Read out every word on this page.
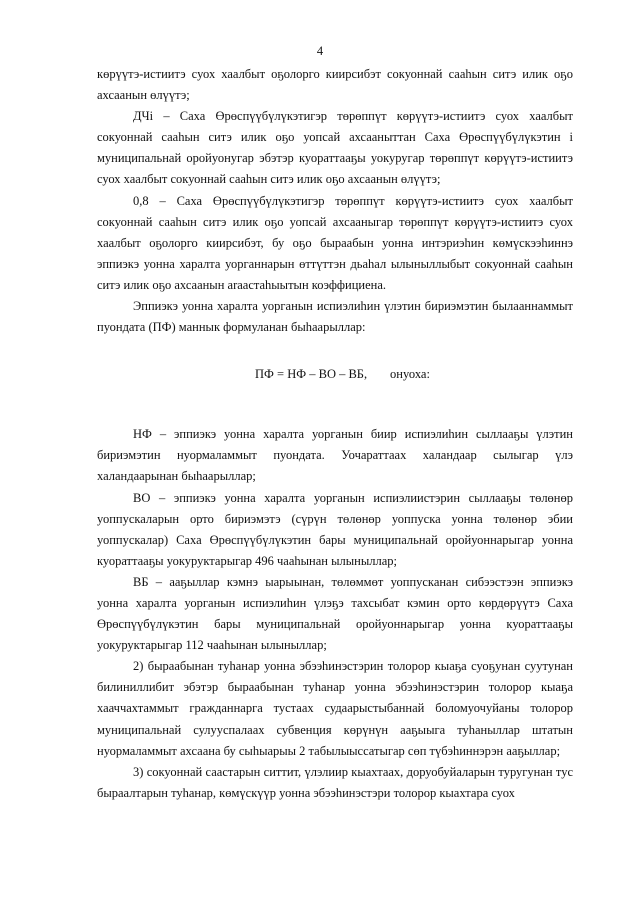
4

көрүүтэ-истиитэ суох хаалбыт оҕолорго киирсибэт сокуоннай сааһын ситэ илик оҕо ахсаанын өлүүтэ;

ДЧi – Саха Өрөспүүбүлүкэтигэр төрөппүт көрүүтэ-истиитэ суох хаалбыт сокуоннай сааһын ситэ илик оҕо уопсай ахсааныттан Саха Өрөспүүбүлүкэтин i муниципальнай оройуонугар эбэтэр куораттааҕы уокуругар төрөппүт көрүүтэ-истиитэ суох хаалбыт сокуоннай сааһын ситэ илик оҕо ахсаанын өлүүтэ;

0,8 – Саха Өрөспүүбүлүкэтигэр төрөппүт көрүүтэ-истиитэ суох хаалбыт сокуоннай сааһын ситэ илик оҕо уопсай ахсааныгар төрөппүт көрүүтэ-истиитэ суох хаалбыт оҕолорго киирсибэт, бу оҕо быраабын уонна интэриэһин көмүскээһиннэ эппиэкэ уонна харалта уорганнарын өттүттэн дьаһал ылыныллыбыт сокуоннай сааһын ситэ илик оҕо ахсаанын araастаһыытын коэффициена.

Эппиэкэ уонна харалта уорганын испиэлиһин үлэтин бириэмэтин былааннаммыт пуондата (ПФ) маннык формуланан быһаарыллар:

ПФ = НФ – ВО – ВБ, онуоха:

НФ – эппиэкэ уонна харалта уорганын биир испиэлиһин сыллааҕы үлэтин бириэмэтин нуормаламмыт пуондата. Уочараттаах халандаар сылыгар үлэ халандаарынан быһаарыллар;

ВО – эппиэкэ уонна харалта уорганын испиэлиистэрин сыллааҕы төлөнөр уоппускаларын орто бириэмэтэ (сүрүн төлөнөр уоппуска уонна төлөнөр эбии уоппускалар) Саха Өрөспүүбүлүкэтин бары муниципальнай оройуоннарыгар уонна куораттааҕы уокуруктарыгар 496 чааһынан ылыныллар;

ВБ – ааҕыллар кэмнэ ыарыынан, төлөммөт уоппусканан сибээстээн эппиэкэ уонна харалта уорганын испиэлиһин үлэҕэ тахсыбат кэмин орто көрдөрүүтэ Саха Өрөспүүбүлүкэтин бары муниципальнай оройуоннарыгар уонна куораттааҕы уокуруктарыгар 112 чааһынан ылыныллар;

2) быраабынан туһанар уонна эбээһинэстэрин толорор кыаҕа суоҕунан суутунан билиниллибит эбэтэр быраабынан туһанар уонна эбээһинэстэрин толорор кыаҕа хааччахтаммыт гражданнарга тустаах судаарыстыбаннай боломуочуйаны толорор муниципальнай сулууспалаах субвенция көрүнүн ааҕыыга туһаныллар штатын нуормаламмыт ахсаана бу сыһыарыы 2 табылыыссатыгар сөп түбэһиннэрэн ааҕыллар;

3) сокуоннай саастарын ситтит, үлэлиир кыахтаах, доруобуйаларын туругунан тус быраалтарын туһанар, көмүскүүр уонна эбээһинэстэри толорор кыахтара суох
